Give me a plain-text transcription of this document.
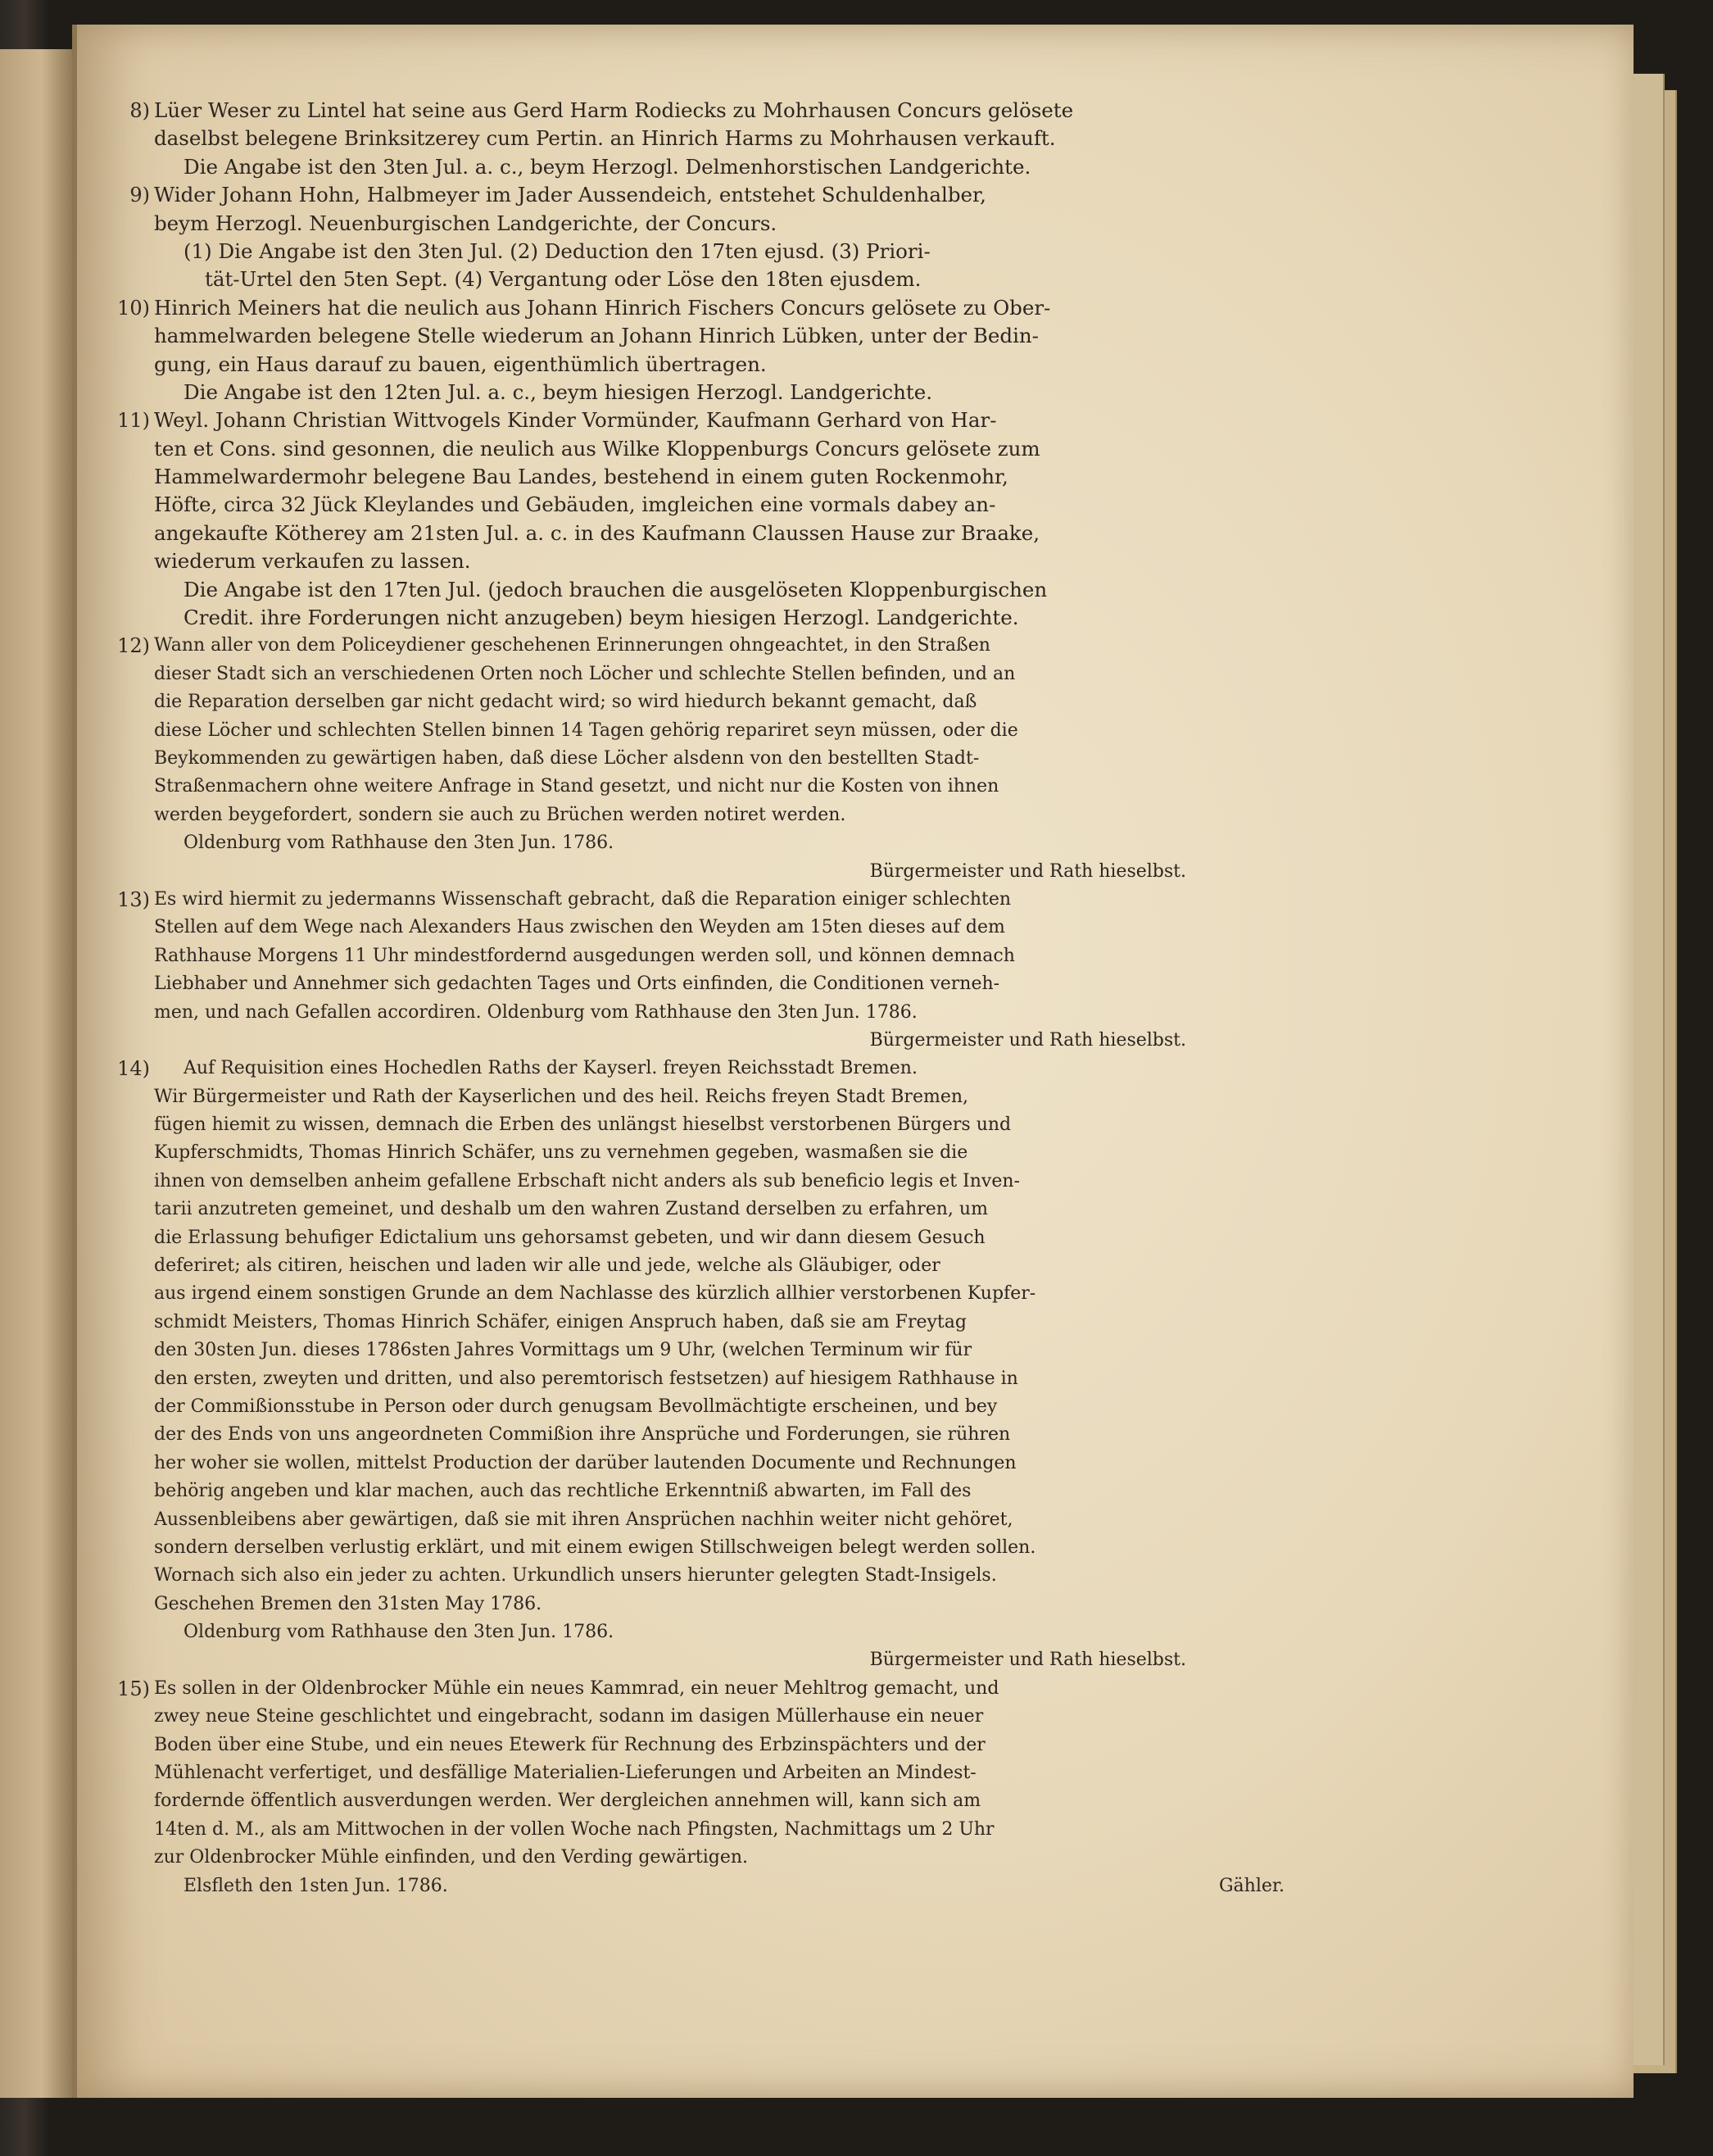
8) Lüer Weser zu Lintel hat seine aus Gerd Harm Rodiecks zu Mohrhausen Concurs gelösete
daselbst belegene Brinksitzerey cum Pertin. an Hinrich Harms zu Mohrhausen verkauft.
Die Angabe ist den 3ten Jul. a. c., beym Herzogl. Delmenhorstischen Landgerichte.
9) Wider Johann Hohn, Halbmeyer im Jader Aussendeich, entstehet Schuldenhalber,
beym Herzogl. Neuenburgischen Landgerichte, der Concurs.
(1) Die Angabe ist den 3ten Jul. (2) Deduction den 17ten ejusd. (3) Priori-
tät-Urtel den 5ten Sept. (4) Vergantung oder Löse den 18ten ejusdem.
10) Hinrich Meiners hat die neulich aus Johann Hinrich Fischers Concurs gelösete zu Ober-
hammelwarden belegene Stelle wiederum an Johann Hinrich Lübken, unter der Bedin-
gung, ein Haus darauf zu bauen, eigenthümlich übertragen.
Die Angabe ist den 12ten Jul. a. c., beym hiesigen Herzogl. Landgerichte.
11) Weyl. Johann Christian Wittvogels Kinder Vormünder, Kaufmann Gerhard von Har-
ten et Cons. sind gesonnen, die neulich aus Wilke Kloppenburgs Concurs gelösete zum
Hammelwardermohr belegene Bau Landes, bestehend in einem guten Rockenmohr,
Höfte, circa 32 Jück Kleylandes und Gebäuden, imgleichen eine vormals dabey an-
angekaufte Kötherey am 21sten Jul. a. c. in des Kaufmann Claussen Hause zur Braake,
wiederum verkaufen zu lassen.
Die Angabe ist den 17ten Jul. (jedoch brauchen die ausgelöseten Kloppenburgischen
Credit. ihre Forderungen nicht anzugeben) beym hiesigen Herzogl. Landgerichte.
12) Wann aller von dem Policeydiener geschehenen Erinnerungen ohngeachtet, in den Straßen
dieser Stadt sich an verschiedenen Orten noch Löcher und schlechte Stellen befinden, und an
die Reparation derselben gar nicht gedacht wird; so wird hiedurch bekannt gemacht, daß
diese Löcher und schlechten Stellen binnen 14 Tagen gehörig repariret seyn müssen, oder die
Beykommenden zu gewärtigen haben, daß diese Löcher alsdenn von den bestellten Stadt-
Straßenmachern ohne weitere Anfrage in Stand gesetzt, und nicht nur die Kosten von ihnen
werden beygefordert, sondern sie auch zu Brüchen werden notiret werden.
Oldenburg vom Rathhause den 3ten Jun. 1786.
Bürgermeister und Rath hieselbst.
13) Es wird hiermit zu jedermanns Wissenschaft gebracht, daß die Reparation einiger schlechten
Stellen auf dem Wege nach Alexanders Haus zwischen den Weyden am 15ten dieses auf dem
Rathhause Morgens 11 Uhr mindestfordernd ausgedungen werden soll, und können demnach
Liebhaber und Annehmer sich gedachten Tages und Orts einfinden, die Conditionen verneh-
men, und nach Gefallen accordiren. Oldenburg vom Rathhause den 3ten Jun. 1786.
Bürgermeister und Rath hieselbst.
14)	Auf Requisition eines Hochedlen Raths der Kayserl. freyen Reichsstadt Bremen.
Wir Bürgermeister und Rath der Kayserlichen und des heil. Reichs freyen Stadt Bremen,
fügen hiemit zu wissen, demnach die Erben des unlängst hieselbst verstorbenen Bürgers und
Kupferschmidts, Thomas Hinrich Schäfer, uns zu vernehmen gegeben, wasmaßen sie die
ihnen von demselben anheim gefallene Erbschaft nicht anders als sub beneficio legis et Inven-
tarii anzutreten gemeinet, und deshalb um den wahren Zustand derselben zu erfahren, um
die Erlassung behufiger Edictalium uns gehorsamst gebeten, und wir dann diesem Gesuch
deferiret; als citiren, heischen und laden wir alle und jede, welche als Gläubiger, oder
aus irgend einem sonstigen Grunde an dem Nachlasse des kürzlich allhier verstorbenen Kupfer-
schmidt Meisters, Thomas Hinrich Schäfer, einigen Anspruch haben, daß sie am Freytag
den 30sten Jun. dieses 1786sten Jahres Vormittags um 9 Uhr, (welchen Terminum wir für
den ersten, zweyten und dritten, und also peremtorisch festsetzen) auf hiesigem Rathhause in
der Commißionsstube in Person oder durch genugsam Bevollmächtigte erscheinen, und bey
der des Ends von uns angeordneten Commißion ihre Ansprüche und Forderungen, sie rühren
her woher sie wollen, mittelst Production der darüber lautenden Documente und Rechnungen
behörig angeben und klar machen, auch das rechtliche Erkenntniß abwarten, im Fall des
Aussenbleibens aber gewärtigen, daß sie mit ihren Ansprüchen nachhin weiter nicht gehöret,
sondern derselben verlustig erklärt, und mit einem ewigen Stillschweigen belegt werden sollen.
Wornach sich also ein jeder zu achten. Urkundlich unsers hierunter gelegten Stadt-Insigels.
Geschehen Bremen den 31sten May 1786.
Oldenburg vom Rathhause den 3ten Jun. 1786.
Bürgermeister und Rath hieselbst.
15) Es sollen in der Oldenbrocker Mühle ein neues Kammrad, ein neuer Mehltrog gemacht, und
zwey neue Steine geschlichtet und eingebracht, sodann im dasigen Müllerhause ein neuer
Boden über eine Stube, und ein neues Etewerk für Rechnung des Erbzinspächters und der
Mühlenacht verfertiget, und desfällige Materialien-Lieferungen und Arbeiten an Mindest-
fordernde öffentlich ausverdungen werden. Wer dergleichen annehmen will, kann sich am
14ten d. M., als am Mittwochen in der vollen Woche nach Pfingsten, Nachmittags um 2 Uhr
zur Oldenbrocker Mühle einfinden, und den Verding gewärtigen.
Elsfleth den 1sten Jun. 1786.	Gähler.
